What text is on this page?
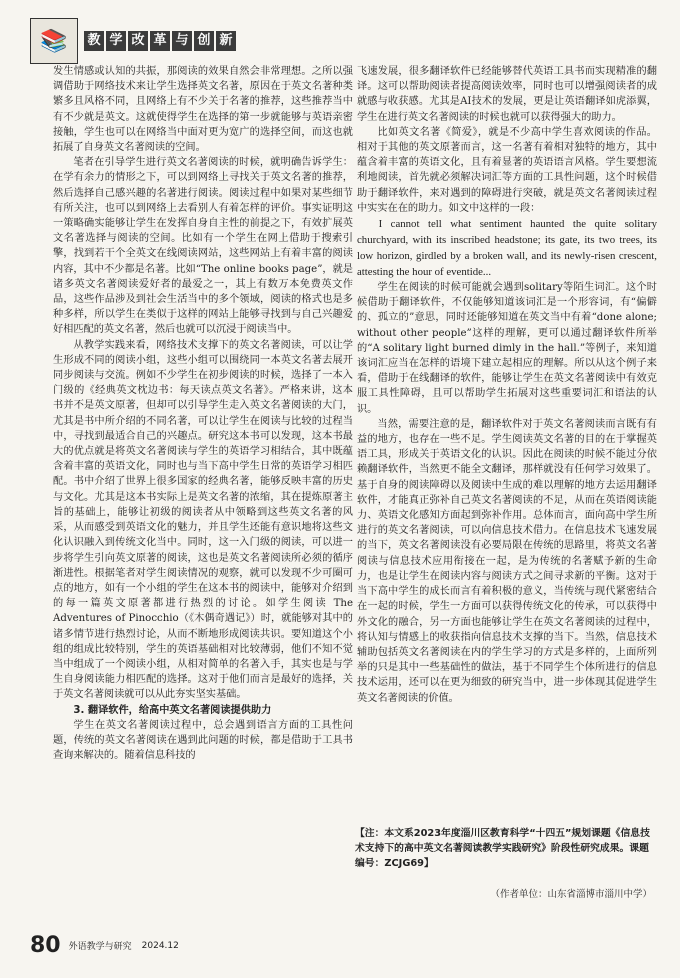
📚	教 学 改 革 与 创 新

发生情感或认知的共振，那阅读的效果自然会非常理想。之所以强调借助于网络技术来让学生选择英文名著，原因在于英文名著种类繁多且风格不同，且网络上有不少关于名著的推荐，这些推荐当中有不少就是英文。这就使得学生在选择的第一步就能够与英语亲密接触，学生也可以在网络当中面对更为宽广的选择空间，而这也就拓展了自身英文名著阅读的空间。

笔者在引导学生进行英文名著阅读的时候，就明确告诉学生：在学有余力的情形之下，可以到网络上寻找关于英文名著的推荐，然后选择自己感兴趣的名著进行阅读。阅读过程中如果对某些细节有所关注，也可以到网络上去看别人有着怎样的评价。事实证明这一策略确实能够让学生在发挥自身自主性的前提之下，有效扩展英文名著选择与阅读的空间。比如有一个学生在网上借助于搜索引擎，找到若干个全英文在线阅读网站，这些网站上有着丰富的阅读内容，其中不少都是名著。比如“The online books page”，就是诸多英文名著阅读爱好者的最爱之一，其上有数万本免费英文作品，这些作品涉及到社会生活当中的多个领域，阅读的格式也是多种多样，所以学生在类似于这样的网站上能够寻找到与自己兴趣爱好相匹配的英文名著，然后也就可以沉浸于阅读当中。

从教学实践来看，网络技术支撑下的英文名著阅读，可以让学生形成不同的阅读小组，这些小组可以围绕同一本英文名著去展开同步阅读与交流。例如不少学生在初步阅读的时候，选择了一本入门级的《经典英文枕边书：每天读点英文名著》。严格来讲，这本书并不是英文原著，但却可以引导学生走入英文名著阅读的大门，尤其是书中所介绍的不同名著，可以让学生在阅读与比较的过程当中，寻找到最适合自己的兴趣点。研究这本书可以发现，这本书最大的优点就是将英文名著阅读与学生的英语学习相结合，其中既蕴含着丰富的英语文化，同时也与当下高中学生日常的英语学习相匹配。书中介绍了世界上很多国家的经典名著，能够反映丰富的历史与文化。尤其是这本书实际上是英文名著的浓缩，其在提炼原著主旨的基础上，能够让初级的阅读者从中领略到这些英文名著的风采，从而感受到英语文化的魅力，并且学生还能有意识地将这些文化认识融入到传统文化当中。同时，这一入门级的阅读，可以进一步将学生引向英文原著的阅读，这也是英文名著阅读所必须的循序渐进性。根据笔者对学生阅读情况的观察，就可以发现不少可圈可点的地方，如有一个小组的学生在这本书的阅读中，能够对介绍到的每一篇英文原著都进行热烈的讨论。如学生阅读 The Adventures of Pinocchio（《木偶奇遇记》）时，就能够对其中的诸多情节进行热烈讨论，从而不断地形成阅读共识。要知道这个小组的组成比较特别，学生的英语基础相对比较薄弱，他们不知不觉当中组成了一个阅读小组，从相对简单的名著入手，其实也是与学生自身阅读能力相匹配的选择。这对于他们而言是最好的选择，关于英文名著阅读就可以从此夯实坚实基础。

3. 翻译软件，给高中英文名著阅读提供助力

学生在英文名著阅读过程中，总会遇到语言方面的工具性问题，传统的英文名著阅读在遇到此问题的时候，都是借助于工具书查询来解决的。随着信息科技的

飞速发展，很多翻译软件已经能够替代英语工具书而实现精准的翻译。这可以帮助阅读者提高阅读效率，同时也可以增强阅读者的成就感与收获感。尤其是AI技术的发展，更是让英语翻译如虎添翼，学生在进行英文名著阅读的时候也就可以获得强大的助力。

比如英文名著《简爱》，就是不少高中学生喜欢阅读的作品。相对于其他的英文原著而言，这一名著有着相对独特的地方，其中蕴含着丰富的英语文化，且有着显著的英语语言风格。学生要想流利地阅读，首先就必须解决词汇等方面的工具性问题，这个时候借助于翻译软件，来对遇到的障碍进行突破，就是英文名著阅读过程中实实在在的助力。如文中这样的一段：

I cannot tell what sentiment haunted the quite solitary churchyard, with its inscribed headstone; its gate, its two trees, its low horizon, girdled by a broken wall, and its newly-risen crescent, attesting the hour of eventide...

学生在阅读的时候可能就会遇到solitary等陌生词汇。这个时候借助于翻译软件，不仅能够知道该词汇是一个形容词，有“偏僻的、孤立的”意思，同时还能够知道在英文当中有着“done alone; without other people”这样的理解，更可以通过翻译软件所举的“A solitary light burned dimly in the hall.”等例子，来知道该词汇应当在怎样的语境下建立起相应的理解。所以从这个例子来看，借助于在线翻译的软件，能够让学生在英文名著阅读中有效克服工具性障碍，且可以帮助学生拓展对这些重要词汇和语法的认识。

当然，需要注意的是，翻译软件对于英文名著阅读而言既有有益的地方，也存在一些不足。学生阅读英文名著的目的在于掌握英语工具，形成关于英语文化的认识。因此在阅读的时候不能过分依赖翻译软件，当然更不能全文翻译，那样就没有任何学习效果了。基于自身的阅读障碍以及阅读中生成的难以理解的地方去运用翻译软件，才能真正弥补自己英文名著阅读的不足，从而在英语阅读能力、英语文化感知方面起到弥补作用。总体而言，面向高中学生所进行的英文名著阅读，可以向信息技术借力。在信息技术飞速发展的当下，英文名著阅读没有必要局限在传统的思路里，将英文名著阅读与信息技术应用衔接在一起，是为传统的名著赋予新的生命力，也是让学生在阅读内容与阅读方式之间寻求新的平衡。这对于当下高中学生的成长而言有着积极的意义，当传统与现代紧密结合在一起的时候，学生一方面可以获得传统文化的传承，可以获得中外文化的融合，另一方面也能够让学生在英文名著阅读的过程中，将认知与情感上的收获指向信息技术支撑的当下。当然，信息技术辅助包括英文名著阅读在内的学生学习的方式是多样的，上面所列举的只是其中一些基础性的做法，基于不同学生个体所进行的信息技术运用，还可以在更为细致的研究当中，进一步体现其促进学生英文名著阅读的价值。

【注：本文系2023年度淄川区教育科学“十四五”规划课题《信息技术支持下的高中英文名著阅读教学实践研究》阶段性研究成果。课题编号：ZCJG69】
（作者单位：山东省淄博市淄川中学）
80 外语教学与研究 2024.12
